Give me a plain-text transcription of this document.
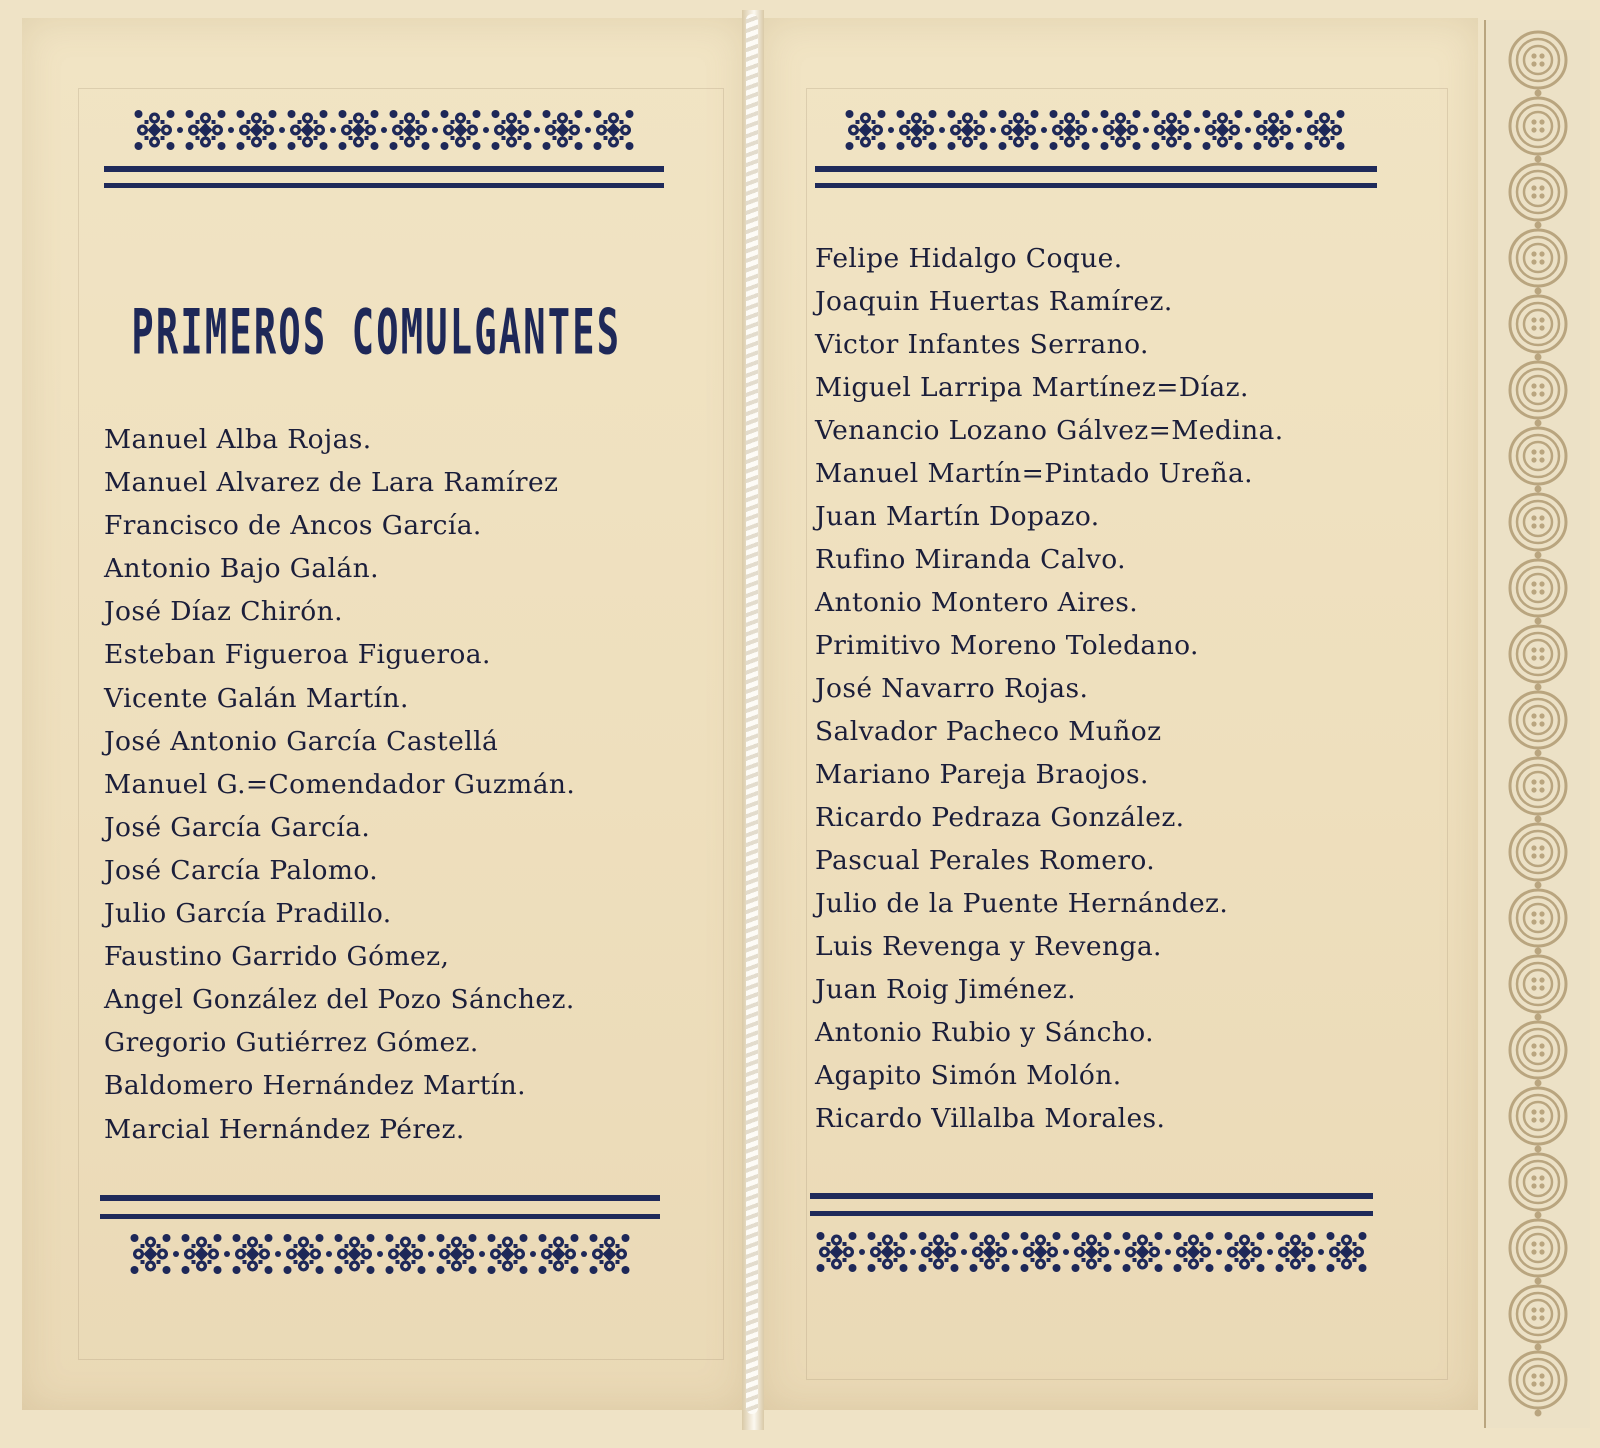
PRIMEROS COMULGANTES
Manuel Alba Rojas.
Manuel Alvarez de Lara Ramírez
Francisco de Ancos García.
Antonio Bajo Galán.
José Díaz Chirón.
Esteban Figueroa Figueroa.
Vicente Galán Martín.
José Antonio García Castellá
Manuel G.=Comendador Guzmán.
José García García.
José Carcía Palomo.
Julio García Pradillo.
Faustino Garrido Gómez,
Angel González del Pozo Sánchez.
Gregorio Gutiérrez Gómez.
Baldomero Hernández Martín.
Marcial Hernández Pérez.
Felipe Hidalgo Coque.
Joaquin Huertas Ramírez.
Victor Infantes Serrano.
Miguel Larripa Martínez=Díaz.
Venancio Lozano Gálvez=Medina.
Manuel Martín=Pintado Ureña.
Juan Martín Dopazo.
Rufino Miranda Calvo.
Antonio Montero Aires.
Primitivo Moreno Toledano.
José Navarro Rojas.
Salvador Pacheco Muñoz
Mariano Pareja Braojos.
Ricardo Pedraza González.
Pascual Perales Romero.
Julio de la Puente Hernández.
Luis Revenga y Revenga.
Juan Roig Jiménez.
Antonio Rubio y Sáncho.
Agapito Simón Molón.
Ricardo Villalba Morales.
